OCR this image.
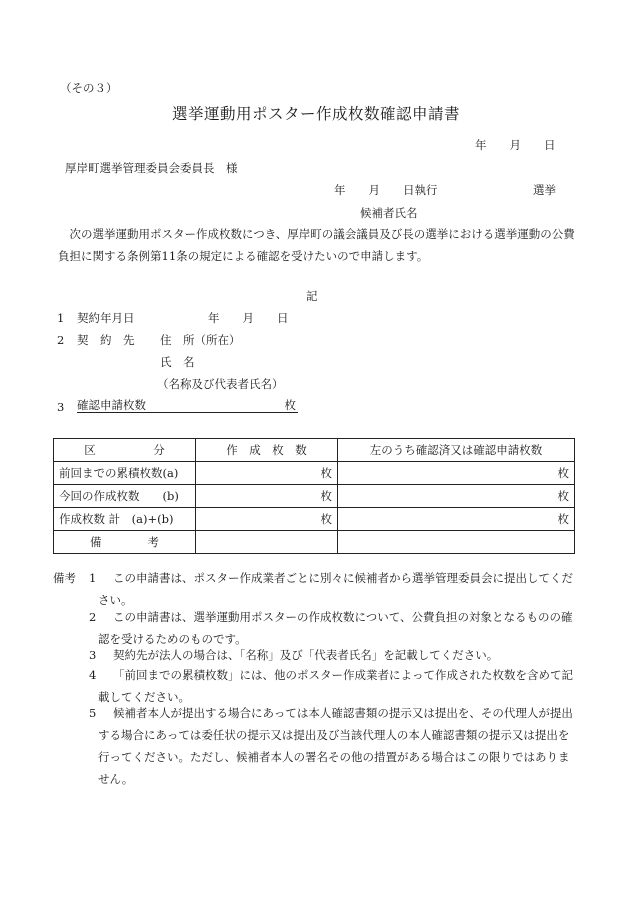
（その３）
選挙運動用ポスター作成枚数確認申請書
年　　月　　日
厚岸町選挙管理委員会委員長　様
年　　月　　日執行	選挙
候補者氏名
　次の選挙運動用ポスター作成枚数につき、厚岸町の議会議員及び長の選挙における選挙運動の公費負担に関する条例第11条の規定による確認を受けたいので申請します。
記
1 契約年月日	年　　月　　日
2 契　約　先 住　所（所在）
氏　名
（名称及び代表者氏名）
3 確認申請枚数	枚
区　　　　　分	作　成　枚　数	左のうち確認済又は確認申請枚数
前回までの累積枚数(a)	枚	枚
今回の作成枚数　　(b)	枚	枚
作成枚数 計　(a)+(b)	枚	枚
備　　　　考		
備考 1	この申請書は、ポスター作成業者ごとに別々に候補者から選挙管理委員会に提出してください。
2	この申請書は、選挙運動用ポスターの作成枚数について、公費負担の対象となるものの確認を受けるためのものです。
3	契約先が法人の場合は、「名称」及び「代表者氏名」を記載してください。
4	「前回までの累積枚数」には、他のポスター作成業者によって作成された枚数を含めて記載してください。
5	候補者本人が提出する場合にあっては本人確認書類の提示又は提出を、その代理人が提出する場合にあっては委任状の提示又は提出及び当該代理人の本人確認書類の提示又は提出を行ってください。ただし、候補者本人の署名その他の措置がある場合はこの限りではありません。
